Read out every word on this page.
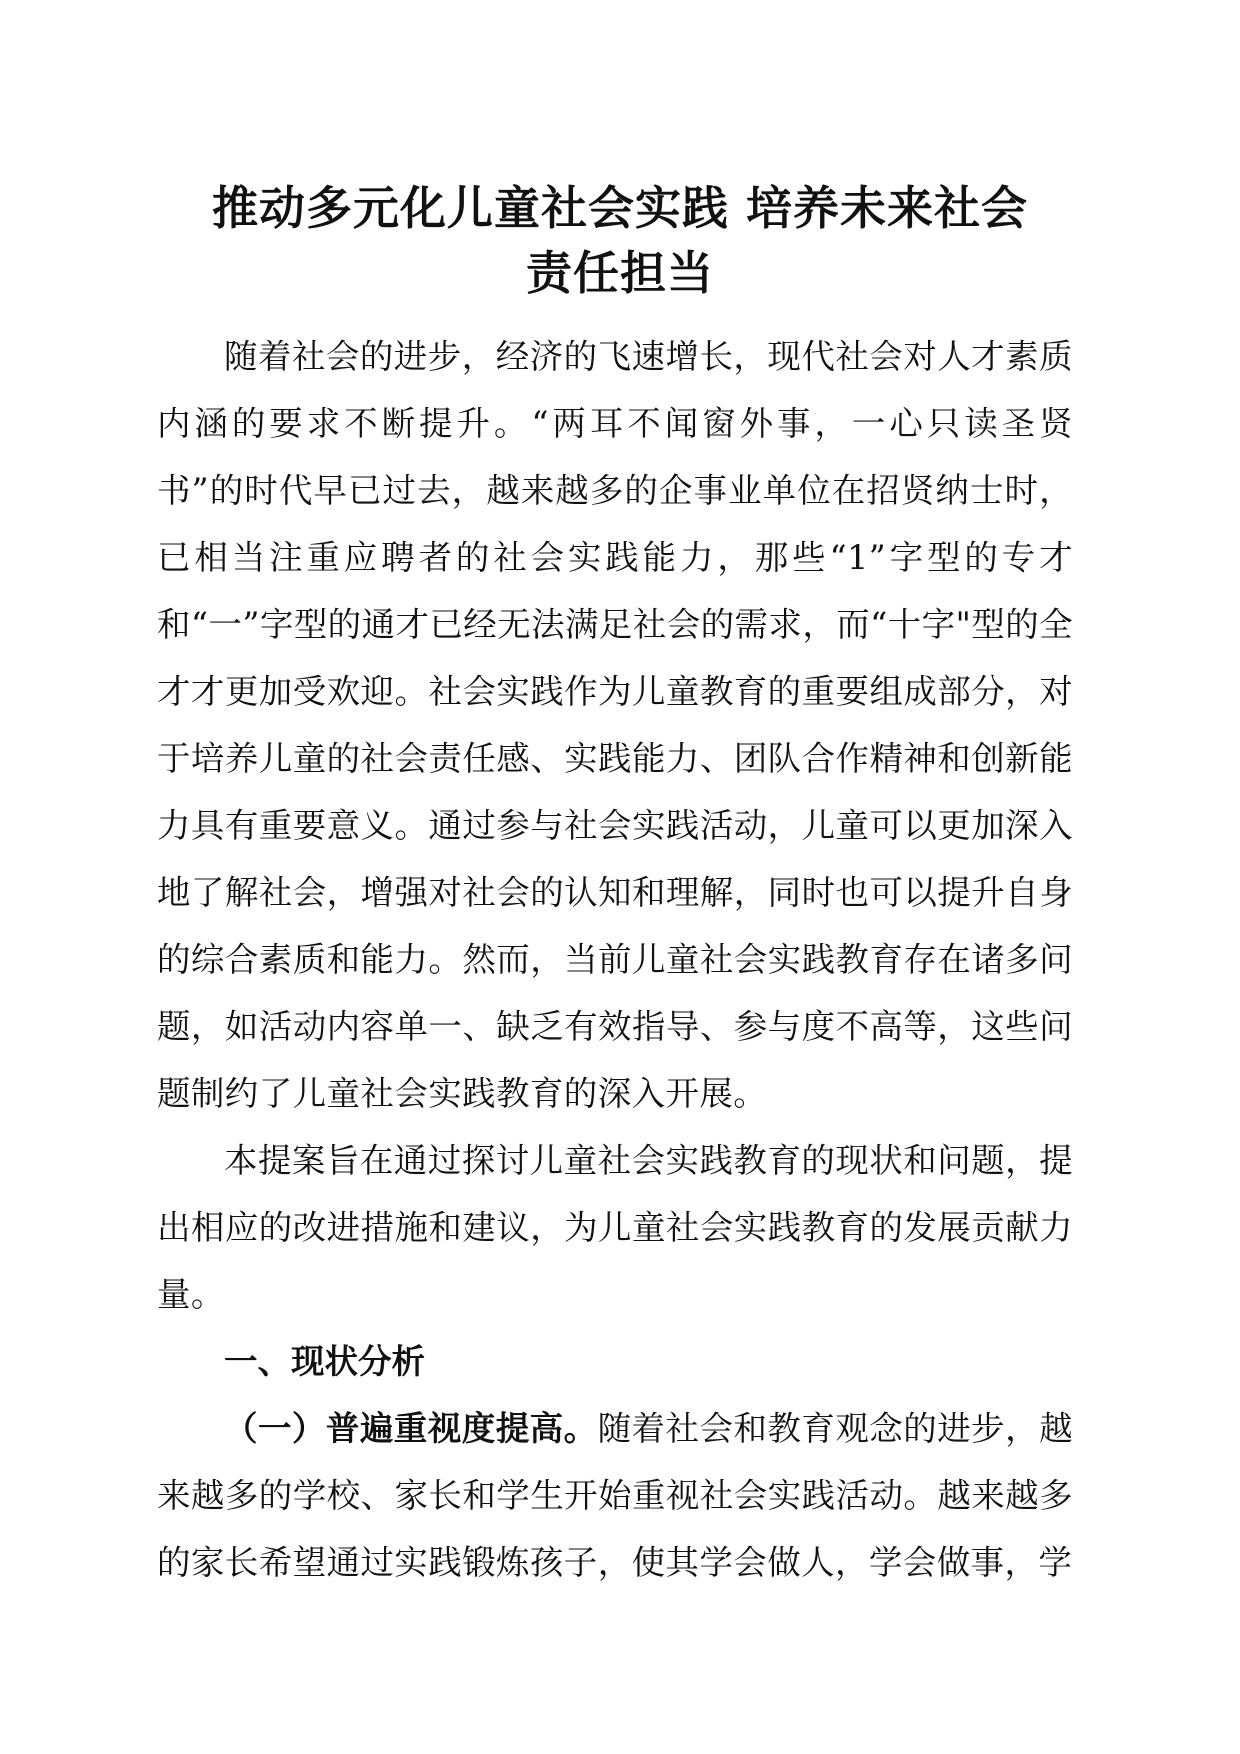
推动多元化儿童社会实践 培养未来社会
责任担当

随着社会的进步，经济的飞速增长，现代社会对人才素质内涵的要求不断提升。“两耳不闻窗外事，一心只读圣贤书”的时代早已过去，越来越多的企事业单位在招贤纳士时，已相当注重应聘者的社会实践能力，那些“1”字型的专才和“一”字型的通才已经无法满足社会的需求，而“十字"型的全才才更加受欢迎。社会实践作为儿童教育的重要组成部分，对于培养儿童的社会责任感、实践能力、团队合作精神和创新能力具有重要意义。通过参与社会实践活动，儿童可以更加深入地了解社会，增强对社会的认知和理解，同时也可以提升自身的综合素质和能力。然而，当前儿童社会实践教育存在诸多问题，如活动内容单一、缺乏有效指导、参与度不高等，这些问题制约了儿童社会实践教育的深入开展。

本提案旨在通过探讨儿童社会实践教育的现状和问题，提出相应的改进措施和建议，为儿童社会实践教育的发展贡献力量。

一、现状分析

（一）普遍重视度提高。随着社会和教育观念的进步，越来越多的学校、家长和学生开始重视社会实践活动。越来越多的家长希望通过实践锻炼孩子，使其学会做人，学会做事，学
